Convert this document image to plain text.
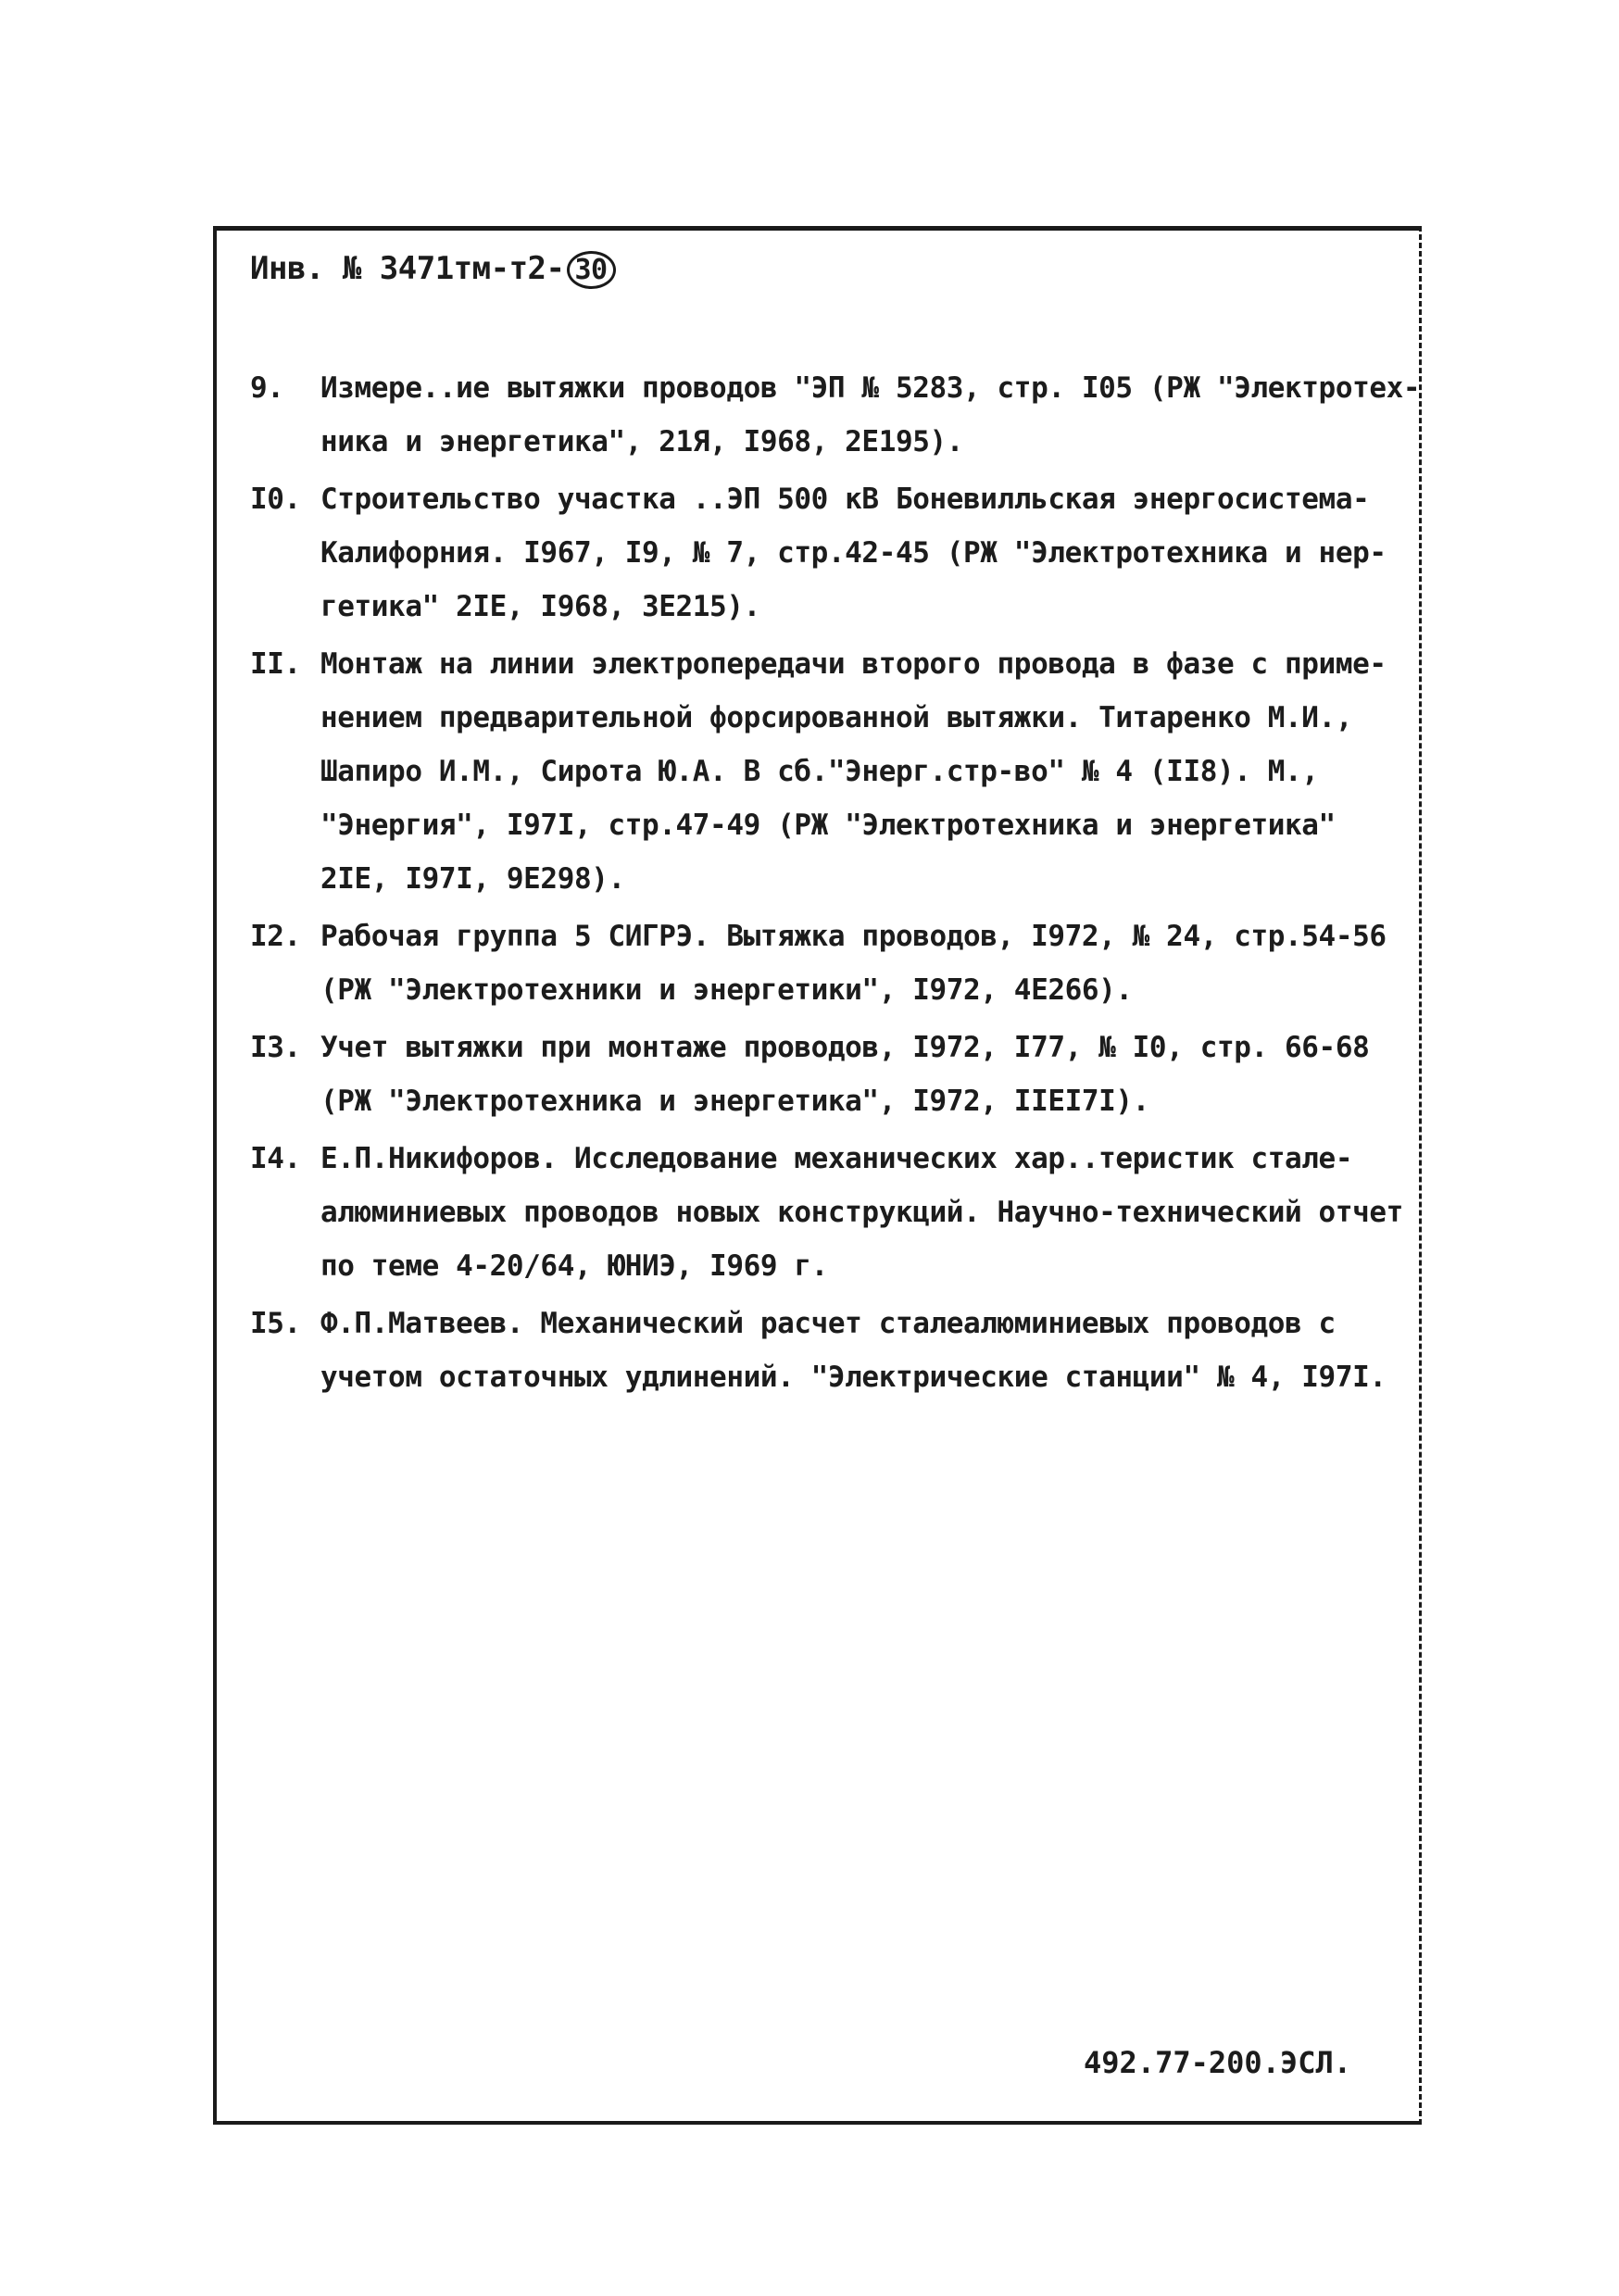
Инв. № 3471тм-т2- 30
9.	Измере..ие вытяжки проводов "ЭП № 5283, стр. I05 (РЖ "Электротех-
ника и энергетика", 21Я, I968, 2Е195).
I0. Строительство участка ..ЭП 500 кВ Боневилльская энергосистема-
Калифорния. I967, I9, № 7, стр.42-45 (РЖ "Электротехника и нер-
гетика" 2IЕ, I968, 3Е215).
II. Монтаж на линии электропередачи второго провода в фазе с приме-
нением предварительной форсированной вытяжки. Титаренко М.И.,
Шапиро И.М., Сирота Ю.А. В сб."Энерг.стр-во" № 4 (II8). М.,
"Энергия", I97I, стр.47-49 (РЖ "Электротехника и энергетика"
2IЕ, I97I, 9Е298).
I2. Рабочая группа 5 СИГРЭ. Вытяжка проводов, I972, № 24, стр.54-56
(РЖ "Электротехники и энергетики", I972, 4Е266).
I3. Учет вытяжки при монтаже проводов, I972, I77, № I0, стр. 66-68
(РЖ "Электротехника и энергетика", I972, IIЕI7I).
I4. Е.П.Никифоров. Исследование механических хар..теристик стале-
алюминиевых проводов новых конструкций. Научно-технический отчет
по теме 4-20/64, ЮНИЭ, I969 г.
I5. Ф.П.Матвеев. Механический расчет сталеалюминиевых проводов с
учетом остаточных удлинений. "Электрические станции" № 4, I97I.
492.77-200.ЭСЛ.
